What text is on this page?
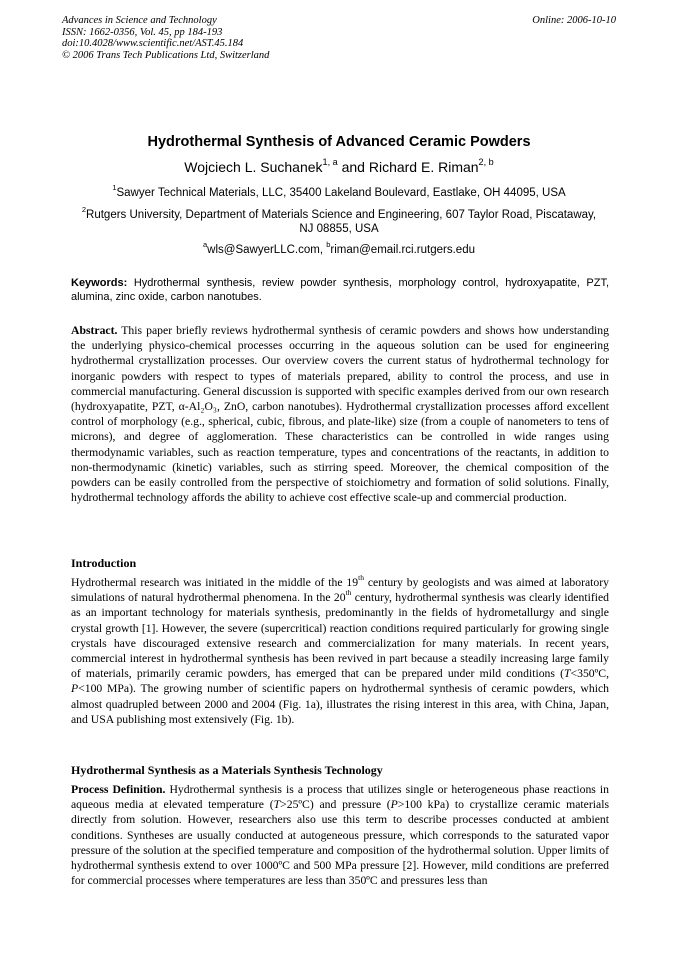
Advances in Science and Technology
ISSN: 1662-0356, Vol. 45, pp 184-193
doi:10.4028/www.scientific.net/AST.45.184
© 2006 Trans Tech Publications Ltd, Switzerland
Online: 2006-10-10
Hydrothermal Synthesis of Advanced Ceramic Powders
Wojciech L. Suchanek$^{1, a}$ and Richard E. Riman$^{2, b}$
$^1$Sawyer Technical Materials, LLC, 35400 Lakeland Boulevard, Eastlake, OH 44095, USA
$^2$Rutgers University, Department of Materials Science and Engineering, 607 Taylor Road, Piscataway, NJ 08855, USA
$^a$wls@SawyerLLC.com, $^b$riman@email.rci.rutgers.edu
Keywords: Hydrothermal synthesis, review powder synthesis, morphology control, hydroxyapatite, PZT, alumina, zinc oxide, carbon nanotubes.
Abstract. This paper briefly reviews hydrothermal synthesis of ceramic powders and shows how understanding the underlying physico-chemical processes occurring in the aqueous solution can be used for engineering hydrothermal crystallization processes. Our overview covers the current status of hydrothermal technology for inorganic powders with respect to types of materials prepared, ability to control the process, and use in commercial manufacturing. General discussion is supported with specific examples derived from our own research (hydroxyapatite, PZT, α-Al₂O₃, ZnO, carbon nanotubes). Hydrothermal crystallization processes afford excellent control of morphology (e.g., spherical, cubic, fibrous, and plate-like) size (from a couple of nanometers to tens of microns), and degree of agglomeration. These characteristics can be controlled in wide ranges using thermodynamic variables, such as reaction temperature, types and concentrations of the reactants, in addition to non-thermodynamic (kinetic) variables, such as stirring speed. Moreover, the chemical composition of the powders can be easily controlled from the perspective of stoichiometry and formation of solid solutions. Finally, hydrothermal technology affords the ability to achieve cost effective scale-up and commercial production.
Introduction
Hydrothermal research was initiated in the middle of the 19th century by geologists and was aimed at laboratory simulations of natural hydrothermal phenomena. In the 20th century, hydrothermal synthesis was clearly identified as an important technology for materials synthesis, predominantly in the fields of hydrometallurgy and single crystal growth [1]. However, the severe (supercritical) reaction conditions required particularly for growing single crystals have discouraged extensive research and commercialization for many materials. In recent years, commercial interest in hydrothermal synthesis has been revived in part because a steadily increasing large family of materials, primarily ceramic powders, has emerged that can be prepared under mild conditions (T<350ºC, P<100 MPa). The growing number of scientific papers on hydrothermal synthesis of ceramic powders, which almost quadrupled between 2000 and 2004 (Fig. 1a), illustrates the rising interest in this area, with China, Japan, and USA publishing most extensively (Fig. 1b).
Hydrothermal Synthesis as a Materials Synthesis Technology
Process Definition. Hydrothermal synthesis is a process that utilizes single or heterogeneous phase reactions in aqueous media at elevated temperature (T>25ºC) and pressure (P>100 kPa) to crystallize ceramic materials directly from solution. However, researchers also use this term to describe processes conducted at ambient conditions. Syntheses are usually conducted at autogeneous pressure, which corresponds to the saturated vapor pressure of the solution at the specified temperature and composition of the hydrothermal solution. Upper limits of hydrothermal synthesis extend to over 1000ºC and 500 MPa pressure [2]. However, mild conditions are preferred for commercial processes where temperatures are less than 350ºC and pressures less than
